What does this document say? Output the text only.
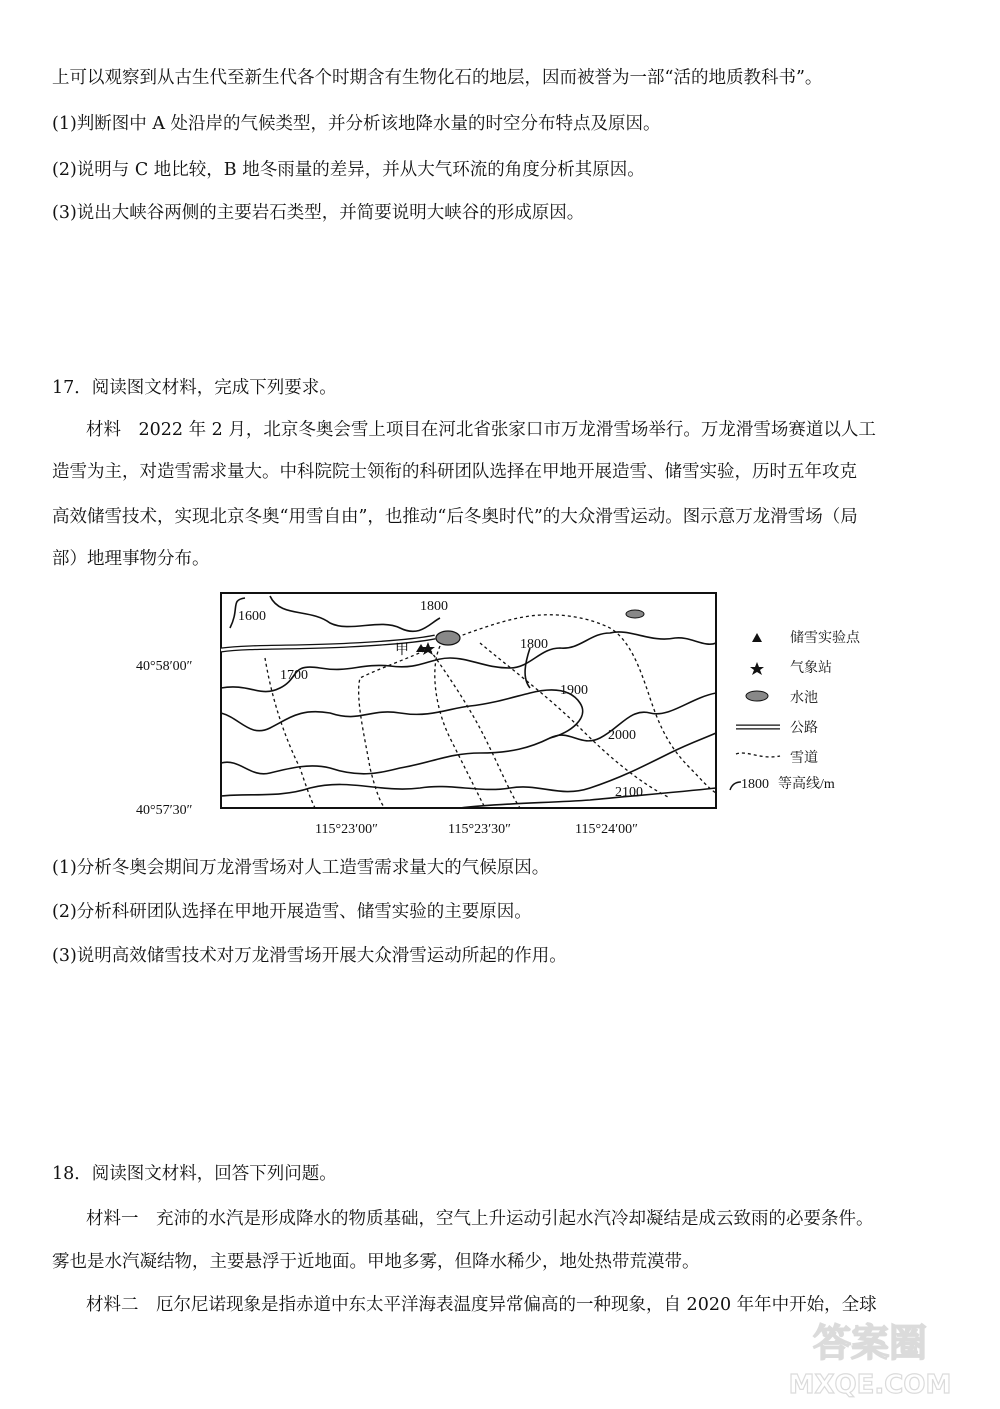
上可以观察到从古生代至新生代各个时期含有生物化石的地层，因而被誉为一部“活的地质教科书”。
(1)判断图中 A 处沿岸的气候类型，并分析该地降水量的时空分布特点及原因。
(2)说明与 C 地比较，B 地冬雨量的差异，并从大气环流的角度分析其原因。
(3)说出大峡谷两侧的主要岩石类型，并简要说明大峡谷的形成原因。
17．阅读图文材料，完成下列要求。
材料　2022 年 2 月，北京冬奥会雪上项目在河北省张家口市万龙滑雪场举行。万龙滑雪场赛道以人工
造雪为主，对造雪需求量大。中科院院士领衔的科研团队选择在甲地开展造雪、储雪实验，历时五年攻克
高效储雪技术，实现北京冬奥“用雪自由”，也推动“后冬奥时代”的大众滑雪运动。图示意万龙滑雪场（局
部）地理事物分布。
甲
1600
1800
1700
1800
1900
2000
2100
40°58′00″
40°57′30″
115°23′00″	115°23′30″	115°24′00″
储雪实验点
气象站
水池
公路
雪道
1800 等高线/m
(1)分析冬奥会期间万龙滑雪场对人工造雪需求量大的气候原因。
(2)分析科研团队选择在甲地开展造雪、储雪实验的主要原因。
(3)说明高效储雪技术对万龙滑雪场开展大众滑雪运动所起的作用。
18．阅读图文材料，回答下列问题。
材料一　充沛的水汽是形成降水的物质基础，空气上升运动引起水汽冷却凝结是成云致雨的必要条件。
雾也是水汽凝结物，主要悬浮于近地面。甲地多雾，但降水稀少，地处热带荒漠带。
材料二　厄尔尼诺现象是指赤道中东太平洋海表温度异常偏高的一种现象，自 2020 年年中开始，全球
答案圈
MXQE.COM
